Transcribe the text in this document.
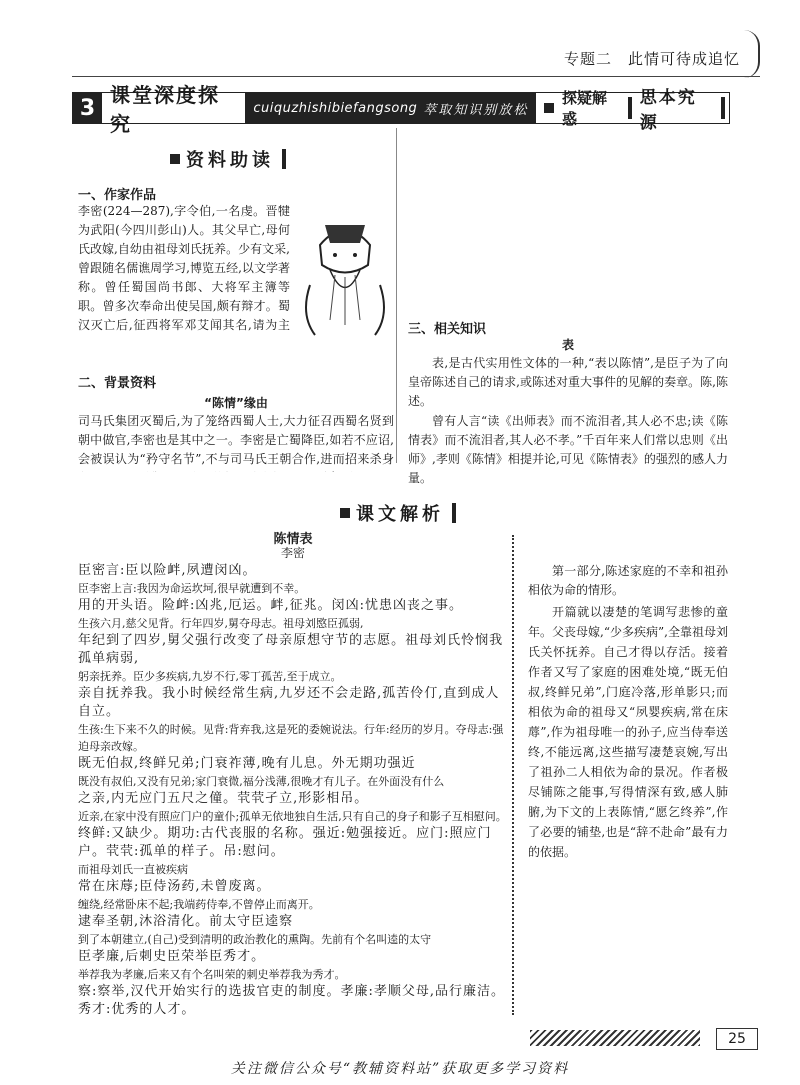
专题二　此情可待成追忆
3
课堂深度探究
cuiquzhishibiefangsong 萃取知识别放松
探疑解惑
思本究源
资料助读
一、作家作品
李密(224—287),字令伯,一名虔。晋犍为武阳(今四川彭山)人。其父早亡,母何氏改嫁,自幼由祖母刘氏抚养。少有文采,曾跟随名儒谯周学习,博览五经,以文学著称。曾任蜀国尚书郎、大将军主簿等职。曾多次奉命出使吴国,颇有辩才。蜀汉灭亡后,征西将军邓艾闻其名,请为主
二、背景资料
“陈情”缘由
司马氏集团灭蜀后,为了笼络西蜀人士,大力征召西蜀名贤到朝中做官,李密也是其中之一。李密是亡蜀降臣,如若不应诏,会被误认为“矜守名节”,不与司马氏王朝合作,进而招来杀身
三、相关知识
表
表,是古代实用性文体的一种,“表以陈情”,是臣子为了向皇帝陈述自己的请求,或陈述对重大事件的见解的奏章。陈,陈述。
曾有人言“读《出师表》而不流泪者,其人必不忠;读《陈情表》而不流泪者,其人必不孝。”千百年来人们常以忠则《出师》,孝则《陈情》相提并论,可见《陈情表》的强烈的感人力量。
课文解析
陈情表
李密
臣密言:臣以险衅,夙遭闵凶。
臣李密上言:我因为命运坎坷,很早就遭到不幸。
用的开头语。险衅:凶兆,厄运。衅,征兆。闵凶:忧患凶丧之事。
生孩六月,慈父见背。行年四岁,舅夺母志。祖母刘愍臣孤弱,
年纪到了四岁,舅父强行改变了母亲原想守节的志愿。祖母刘氏怜悯我孤单病弱,
躬亲抚养。臣少多疾病,九岁不行,零丁孤苦,至于成立。
亲自抚养我。我小时候经常生病,九岁还不会走路,孤苦伶仃,直到成人自立。
生孩:生下来不久的时候。见背:背弃我,这是死的委婉说法。行年:经历的岁月。夺母志:强迫母亲改嫁。
既无伯叔,终鲜兄弟;门衰祚薄,晚有儿息。外无期功强近
既没有叔伯,又没有兄弟;家门衰微,福分浅薄,很晚才有儿子。在外面没有什么
之亲,内无应门五尺之僮。茕茕孑立,形影相吊。
近亲,在家中没有照应门户的童仆;孤单无依地独自生活,只有自己的身子和影子互相慰问。
终鲜:又缺少。期功:古代丧服的名称。强近:勉强接近。应门:照应门户。茕茕:孤单的样子。吊:慰问。
而祖母刘氏一直被疾病
常在床蓐;臣侍汤药,未曾废离。
缠绕,经常卧床不起;我端药侍奉,不曾停止而离开。
逮奉圣朝,沐浴清化。前太守臣逵察
到了本朝建立,(自己)受到清明的政治教化的熏陶。先前有个名叫逵的太守
臣孝廉,后刺史臣荣举臣秀才。
举荐我为孝廉,后来又有个名叫荣的刺史举荐我为秀才。
察:察举,汉代开始实行的选拔官吏的制度。孝廉:孝顺父母,品行廉洁。秀才:优秀的人才。
第一部分,陈述家庭的不幸和祖孙相依为命的情形。
开篇就以凄楚的笔调写悲惨的童年。父丧母嫁,“少多疾病”,全靠祖母刘氏关怀抚养。自己才得以存活。接着作者又写了家庭的困难处境,“既无伯叔,终鲜兄弟”,门庭冷落,形单影只;而相依为命的祖母又“夙婴疾病,常在床蓐”,作为祖母唯一的孙子,应当侍奉送终,不能远离,这些描写凄楚哀婉,写出了祖孙二人相依为命的景况。作者极尽铺陈之能事,写得情深有致,感人肺腑,为下文的上表陈情,“愿乞终养”,作了必要的铺垫,也是“辞不赴命”最有力的依据。
25
关注微信公众号“教辅资料站”获取更多学习资料
